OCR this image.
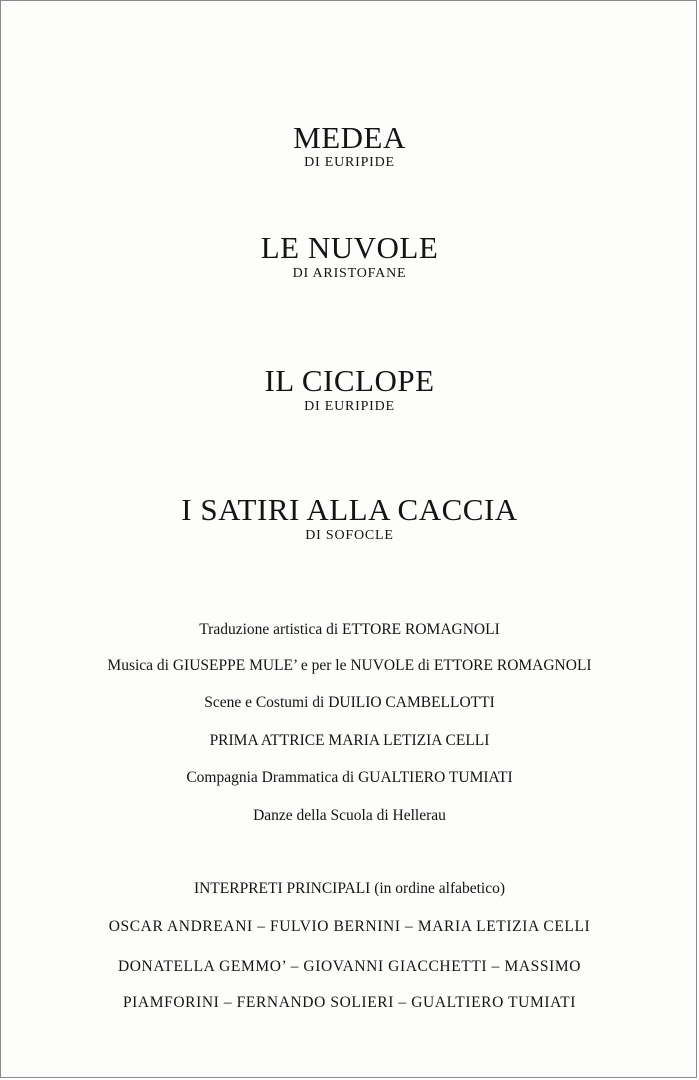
MEDEA
DI EURIPIDE
LE NUVOLE
DI ARISTOFANE
IL CICLOPE
DI EURIPIDE
I SATIRI ALLA CACCIA
DI SOFOCLE
Traduzione artistica di ETTORE ROMAGNOLI
Musica di GIUSEPPE MULE’ e per le NUVOLE di ETTORE ROMAGNOLI
Scene e Costumi di DUILIO CAMBELLOTTI
PRIMA ATTRICE MARIA LETIZIA CELLI
Compagnia Drammatica di GUALTIERO TUMIATI
Danze della Scuola di Hellerau
INTERPRETI PRINCIPALI (in ordine alfabetico)
OSCAR ANDREANI – FULVIO BERNINI – MARIA LETIZIA CELLI
DONATELLA GEMMO’ – GIOVANNI GIACCHETTI – MASSIMO
PIAMFORINI – FERNANDO SOLIERI – GUALTIERO TUMIATI
